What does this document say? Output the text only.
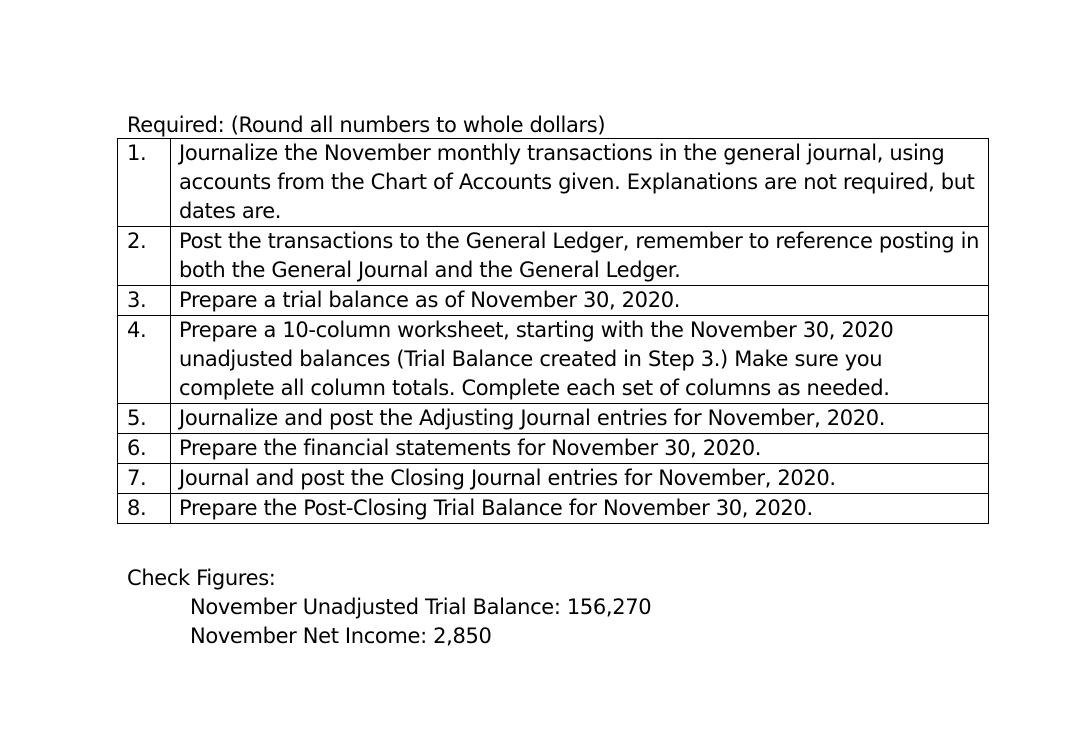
Required: (Round all numbers to whole dollars)
1.	Journalize the November monthly transactions in the general journal, using accounts from the Chart of Accounts given. Explanations are not required, but dates are.
2.	Post the transactions to the General Ledger, remember to reference posting in both the General Journal and the General Ledger.
3.	Prepare a trial balance as of November 30, 2020.
4.	Prepare a 10-column worksheet, starting with the November 30, 2020 unadjusted balances (Trial Balance created in Step 3.) Make sure you complete all column totals. Complete each set of columns as needed.
5.	Journalize and post the Adjusting Journal entries for November, 2020.
6.	Prepare the financial statements for November 30, 2020.
7.	Journal and post the Closing Journal entries for November, 2020.
8.	Prepare the Post-Closing Trial Balance for November 30, 2020.
Check Figures:
November Unadjusted Trial Balance: 156,270
November Net Income: 2,850
